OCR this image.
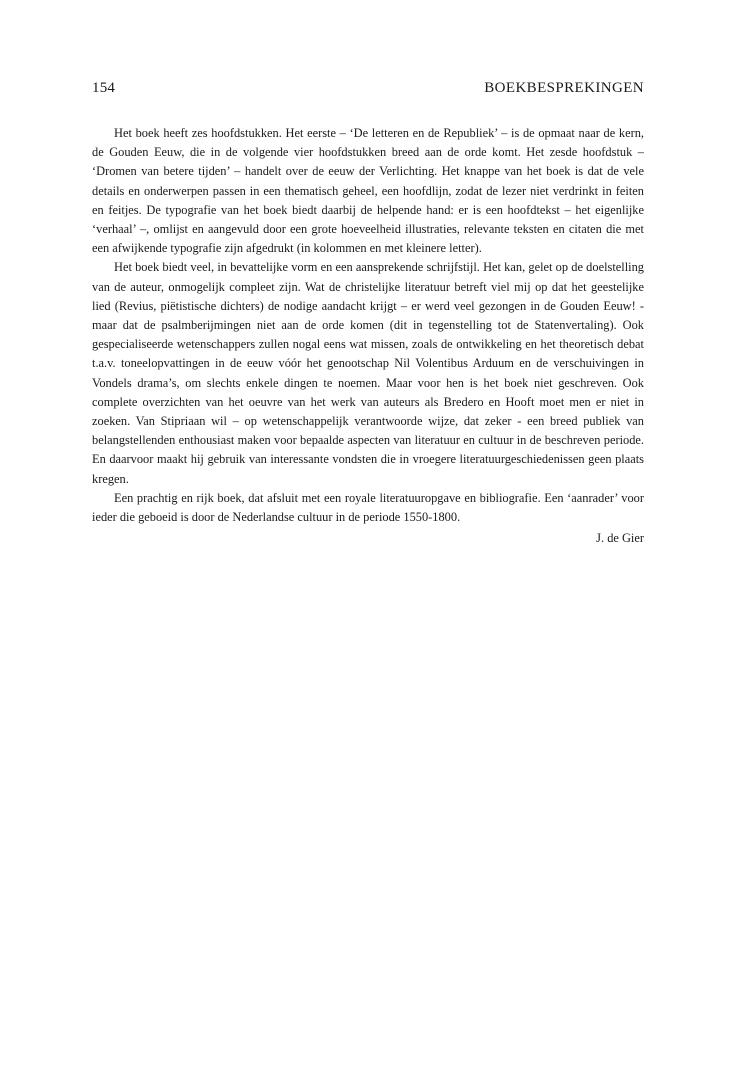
154	BOEKBESPREKINGEN

Het boek heeft zes hoofdstukken. Het eerste – ‘De letteren en de Republiek’ – is de opmaat naar de kern, de Gouden Eeuw, die in de volgende vier hoofdstukken breed aan de orde komt. Het zesde hoofdstuk – ‘Dromen van betere tijden’ – handelt over de eeuw der Verlichting. Het knappe van het boek is dat de vele details en onderwerpen passen in een thematisch geheel, een hoofdlijn, zodat de lezer niet verdrinkt in feiten en feitjes. De typografie van het boek biedt daarbij de helpende hand: er is een hoofdtekst – het eigenlijke ‘verhaal’ –, omlijst en aangevuld door een grote hoeveelheid illustraties, relevante teksten en citaten die met een afwijkende typografie zijn afgedrukt (in kolommen en met kleinere letter).

Het boek biedt veel, in bevattelijke vorm en een aansprekende schrijfstijl. Het kan, gelet op de doelstelling van de auteur, onmogelijk compleet zijn. Wat de christelijke literatuur betreft viel mij op dat het geestelijke lied (Revius, piëtistische dichters) de nodige aandacht krijgt – er werd veel gezongen in de Gouden Eeuw! - maar dat de psalmberijmingen niet aan de orde komen (dit in tegenstelling tot de Statenvertaling). Ook gespecialiseerde wetenschappers zullen nogal eens wat missen, zoals de ontwikkeling en het theoretisch debat t.a.v. toneelopvattingen in de eeuw vóór het genootschap Nil Volentibus Arduum en de verschuivingen in Vondels drama’s, om slechts enkele dingen te noemen. Maar voor hen is het boek niet geschreven. Ook complete overzichten van het oeuvre van het werk van auteurs als Bredero en Hooft moet men er niet in zoeken. Van Stipriaan wil – op wetenschappelijk verantwoorde wijze, dat zeker - een breed publiek van belangstellenden enthousiast maken voor bepaalde aspecten van literatuur en cultuur in de beschreven periode. En daarvoor maakt hij gebruik van interessante vondsten die in vroegere literatuurgeschiedenissen geen plaats kregen.

Een prachtig en rijk boek, dat afsluit met een royale literatuuropgave en bibliografie. Een ‘aanrader’ voor ieder die geboeid is door de Nederlandse cultuur in de periode 1550-1800.

J. de Gier
